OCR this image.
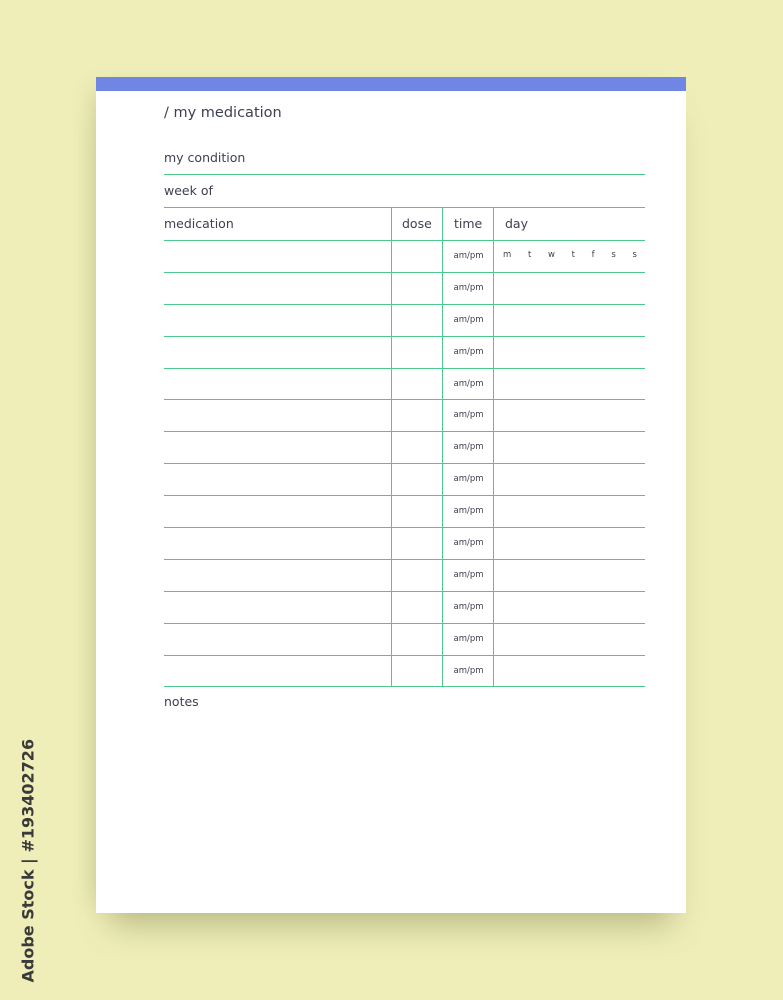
/ my medication
my condition
week of
medication	dose time day
am/pm	m t w t f s s
am/pm
am/pm
am/pm
am/pm
am/pm
am/pm
am/pm
am/pm
am/pm
am/pm
am/pm
am/pm
am/pm
notes
Adobe Stock | #193402726
